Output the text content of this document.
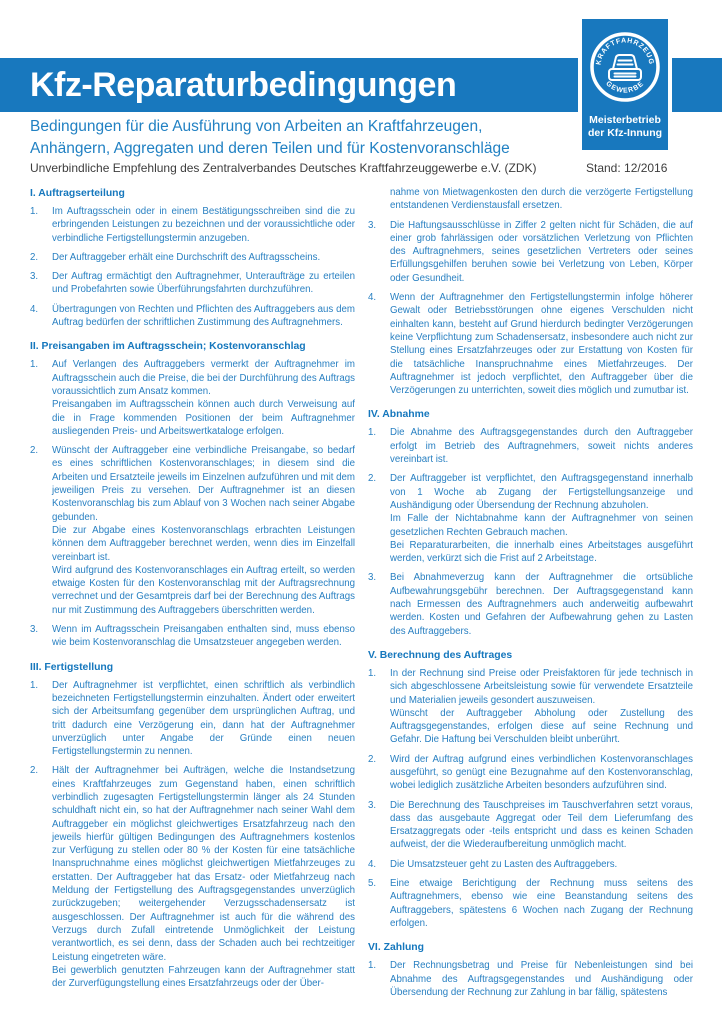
Kfz-Reparaturbedingungen
Bedingungen für die Ausführung von Arbeiten an Kraftfahrzeugen,
Anhängern, Aggregaten und deren Teilen und für Kostenvoranschläge
Unverbindliche Empfehlung des Zentralverbandes Deutsches Kraftfahrzeuggewerbe e.V. (ZDK)	Stand: 12/2016
KRAFTFAHRZEUG
GEWERBE
Meisterbetrieb
der Kfz-Innung
I. Auftragserteilung
1.	Im Auftragsschein oder in einem Bestätigungsschreiben sind die zu erbringenden Leistungen zu bezeichnen und der voraussichtliche oder verbindliche Fertigstellungstermin anzugeben.
2.	Der Auftraggeber erhält eine Durchschrift des Auftragsscheins.
3.	Der Auftrag ermächtigt den Auftragnehmer, Unteraufträge zu erteilen und Probefahrten sowie Überführungsfahrten durchzuführen.
4.	Übertragungen von Rechten und Pflichten des Auftraggebers aus dem Auftrag bedürfen der schriftlichen Zustimmung des Auftragnehmers.
II. Preisangaben im Auftragsschein; Kostenvoranschlag
1.	Auf Verlangen des Auftraggebers vermerkt der Auftragnehmer im Auftragsschein auch die Preise, die bei der Durchführung des Auftrags voraussichtlich zum Ansatz kommen.
Preisangaben im Auftragsschein können auch durch Verweisung auf die in Frage kommenden Positionen der beim Auftragnehmer ausliegenden Preis- und Arbeitswertkataloge erfolgen.
2.	Wünscht der Auftraggeber eine verbindliche Preisangabe, so bedarf es eines schriftlichen Kostenvoranschlages; in diesem sind die Arbeiten und Ersatzteile jeweils im Einzelnen aufzuführen und mit dem jeweiligen Preis zu versehen. Der Auftragnehmer ist an diesen Kostenvoranschlag bis zum Ablauf von 3 Wochen nach seiner Abgabe gebunden.
Die zur Abgabe eines Kostenvoranschlags erbrachten Leistungen können dem Auftraggeber berechnet werden, wenn dies im Einzelfall vereinbart ist.
Wird aufgrund des Kostenvoranschlages ein Auftrag erteilt, so werden etwaige Kosten für den Kostenvoranschlag mit der Auftragsrechnung verrechnet und der Gesamtpreis darf bei der Berechnung des Auftrags nur mit Zustimmung des Auftraggebers überschritten werden.
3.	Wenn im Auftragsschein Preisangaben enthalten sind, muss ebenso wie beim Kostenvoranschlag die Umsatzsteuer angegeben werden.
III. Fertigstellung
1.	Der Auftragnehmer ist verpflichtet, einen schriftlich als verbindlich bezeichneten Fertigstellungstermin einzuhalten. Ändert oder erweitert sich der Arbeitsumfang gegenüber dem ursprünglichen Auftrag, und tritt dadurch eine Verzögerung ein, dann hat der Auftragnehmer unverzüglich unter Angabe der Gründe einen neuen Fertigstellungstermin zu nennen.
2.	Hält der Auftragnehmer bei Aufträgen, welche die Instandsetzung eines Kraftfahrzeuges zum Gegenstand haben, einen schriftlich verbindlich zugesagten Fertigstellungstermin länger als 24 Stunden schuldhaft nicht ein, so hat der Auftragnehmer nach seiner Wahl dem Auftraggeber ein möglichst gleichwertiges Ersatzfahrzeug nach den jeweils hierfür gültigen Bedingungen des Auftragnehmers kostenlos zur Verfügung zu stellen oder 80 % der Kosten für eine tatsächliche Inanspruchnahme eines möglichst gleichwertigen Mietfahrzeuges zu erstatten. Der Auftraggeber hat das Ersatz- oder Mietfahrzeug nach Meldung der Fertigstellung des Auftragsgegenstandes unverzüglich zurückzugeben; weitergehender Verzugsschadensersatz ist ausgeschlossen. Der Auftragnehmer ist auch für die während des Verzugs durch Zufall eintretende Unmöglichkeit der Leistung verantwortlich, es sei denn, dass der Schaden auch bei rechtzeitiger Leistung eingetreten wäre.
Bei gewerblich genutzten Fahrzeugen kann der Auftragnehmer statt der Zurverfügungstellung eines Ersatzfahrzeugs oder der Über-
nahme von Mietwagenkosten den durch die verzögerte Fertigstellung entstandenen Verdienstausfall ersetzen.
3.	Die Haftungsausschlüsse in Ziffer 2 gelten nicht für Schäden, die auf einer grob fahrlässigen oder vorsätzlichen Verletzung von Pflichten des Auftragnehmers, seines gesetzlichen Vertreters oder seines Erfüllungsgehilfen beruhen sowie bei Verletzung von Leben, Körper oder Gesundheit.
4.	Wenn der Auftragnehmer den Fertigstellungstermin infolge höherer Gewalt oder Betriebsstörungen ohne eigenes Verschulden nicht einhalten kann, besteht auf Grund hierdurch bedingter Verzögerungen keine Verpflichtung zum Schadensersatz, insbesondere auch nicht zur Stellung eines Ersatzfahrzeuges oder zur Erstattung von Kosten für die tatsächliche Inanspruchnahme eines Mietfahrzeuges. Der Auftragnehmer ist jedoch verpflichtet, den Auftraggeber über die Verzögerungen zu unterrichten, soweit dies möglich und zumutbar ist.
IV. Abnahme
1.	Die Abnahme des Auftragsgegenstandes durch den Auftraggeber erfolgt im Betrieb des Auftragnehmers, soweit nichts anderes vereinbart ist.
2.	Der Auftraggeber ist verpflichtet, den Auftragsgegenstand innerhalb von 1 Woche ab Zugang der Fertigstellungsanzeige und Aushändigung oder Übersendung der Rechnung abzuholen.
Im Falle der Nichtabnahme kann der Auftragnehmer von seinen gesetzlichen Rechten Gebrauch machen.
Bei Reparaturarbeiten, die innerhalb eines Arbeitstages ausgeführt werden, verkürzt sich die Frist auf 2 Arbeitstage.
3.	Bei Abnahmeverzug kann der Auftragnehmer die ortsübliche Aufbewahrungsgebühr berechnen. Der Auftragsgegenstand kann nach Ermessen des Auftragnehmers auch anderweitig aufbewahrt werden. Kosten und Gefahren der Aufbewahrung gehen zu Lasten des Auftraggebers.
V. Berechnung des Auftrages
1.	In der Rechnung sind Preise oder Preisfaktoren für jede technisch in sich abgeschlossene Arbeitsleistung sowie für verwendete Ersatzteile und Materialien jeweils gesondert auszuweisen.
Wünscht der Auftraggeber Abholung oder Zustellung des Auftragsgegenstandes, erfolgen diese auf seine Rechnung und Gefahr. Die Haftung bei Verschulden bleibt unberührt.
2.	Wird der Auftrag aufgrund eines verbindlichen Kostenvoranschlages ausgeführt, so genügt eine Bezugnahme auf den Kostenvoranschlag, wobei lediglich zusätzliche Arbeiten besonders aufzuführen sind.
3.	Die Berechnung des Tauschpreises im Tauschverfahren setzt voraus, dass das ausgebaute Aggregat oder Teil dem Lieferumfang des Ersatzaggregats oder -teils entspricht und dass es keinen Schaden aufweist, der die Wiederaufbereitung unmöglich macht.
4.	Die Umsatzsteuer geht zu Lasten des Auftraggebers.
5.	Eine etwaige Berichtigung der Rechnung muss seitens des Auftragnehmers, ebenso wie eine Beanstandung seitens des Auftraggebers, spätestens 6 Wochen nach Zugang der Rechnung erfolgen.
VI. Zahlung
1.	Der Rechnungsbetrag und Preise für Nebenleistungen sind bei Abnahme des Auftragsgegenstandes und Aushändigung oder Übersendung der Rechnung zur Zahlung in bar fällig, spätestens
